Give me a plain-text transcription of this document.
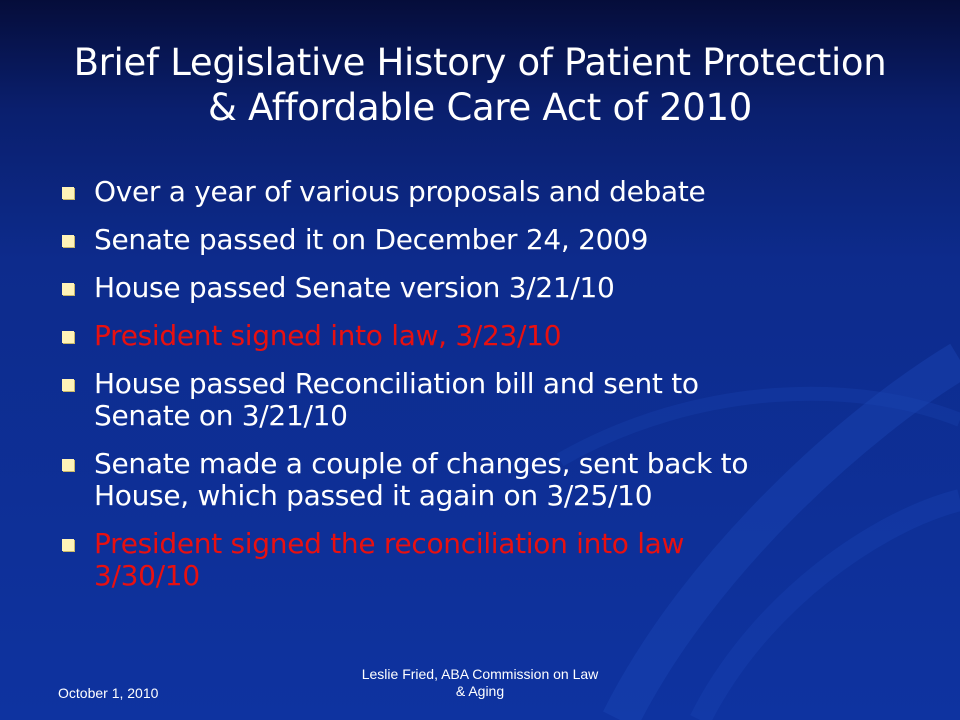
Brief Legislative History of Patient Protection
& Affordable Care Act of 2010
Over a year of various proposals and debate
Senate passed it on December 24, 2009
House passed Senate version 3/21/10
President signed into law, 3/23/10
House passed Reconciliation bill and sent to
Senate on 3/21/10
Senate made a couple of changes, sent back to
House, which passed it again on 3/25/10
President signed the reconciliation into law
3/30/10
October 1, 2010
Leslie Fried, ABA Commission on Law
& Aging
